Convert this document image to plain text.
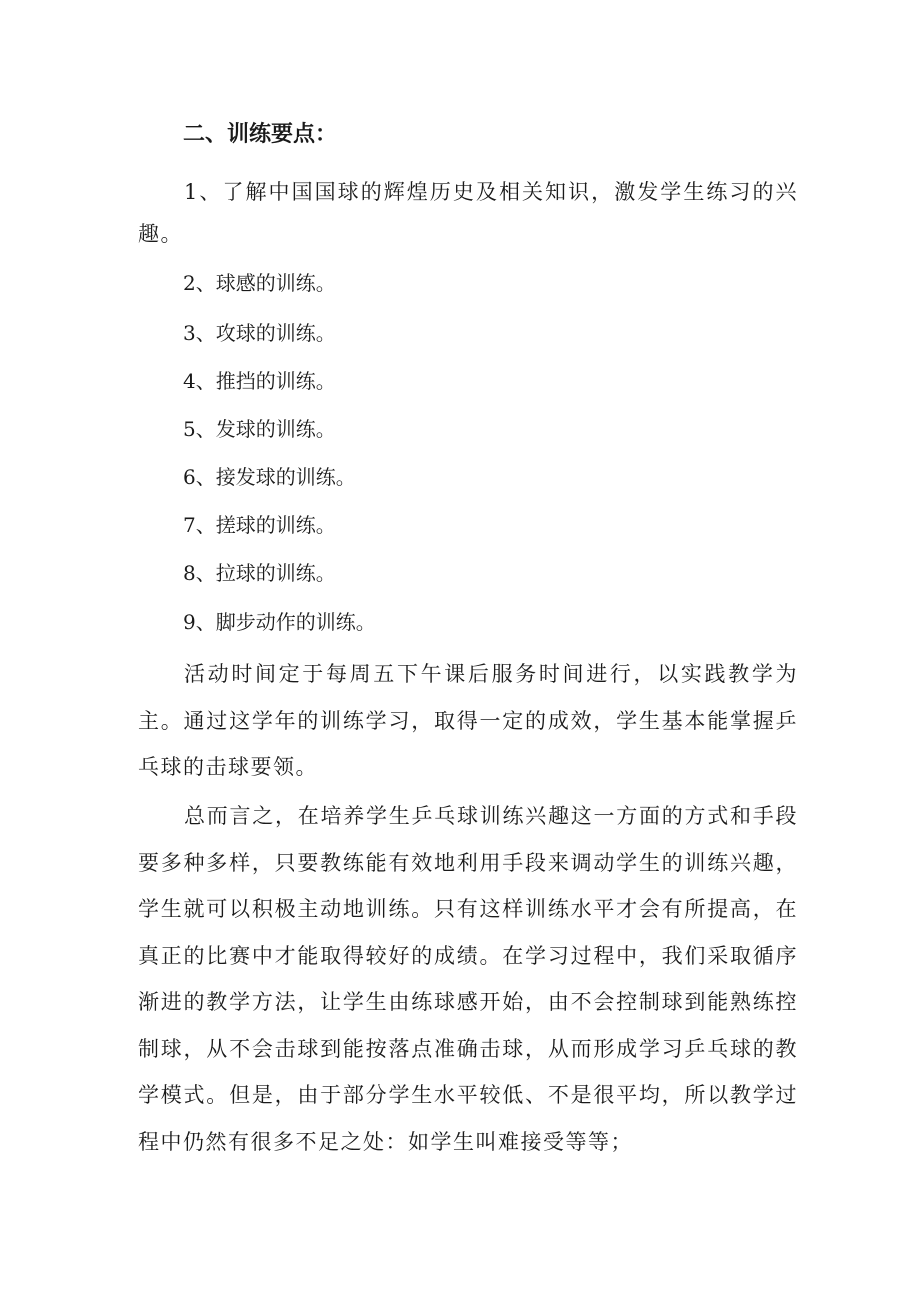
二、训练要点：

1、了解中国国球的辉煌历史及相关知识，激发学生练习的兴趣。

2、球感的训练。
3、攻球的训练。
4、推挡的训练。
5、发球的训练。
6、接发球的训练。
7、搓球的训练。
8、拉球的训练。
9、脚步动作的训练。

活动时间定于每周五下午课后服务时间进行，以实践教学为主。通过这学年的训练学习，取得一定的成效，学生基本能掌握乒乓球的击球要领。

总而言之，在培养学生乒乓球训练兴趣这一方面的方式和手段要多种多样，只要教练能有效地利用手段来调动学生的训练兴趣，学生就可以积极主动地训练。只有这样训练水平才会有所提高，在真正的比赛中才能取得较好的成绩。在学习过程中，我们采取循序渐进的教学方法，让学生由练球感开始，由不会控制球到能熟练控制球，从不会击球到能按落点准确击球，从而形成学习乒乓球的教学模式。但是，由于部分学生水平较低、不是很平均，所以教学过程中仍然有很多不足之处：如学生叫难接受等等；
